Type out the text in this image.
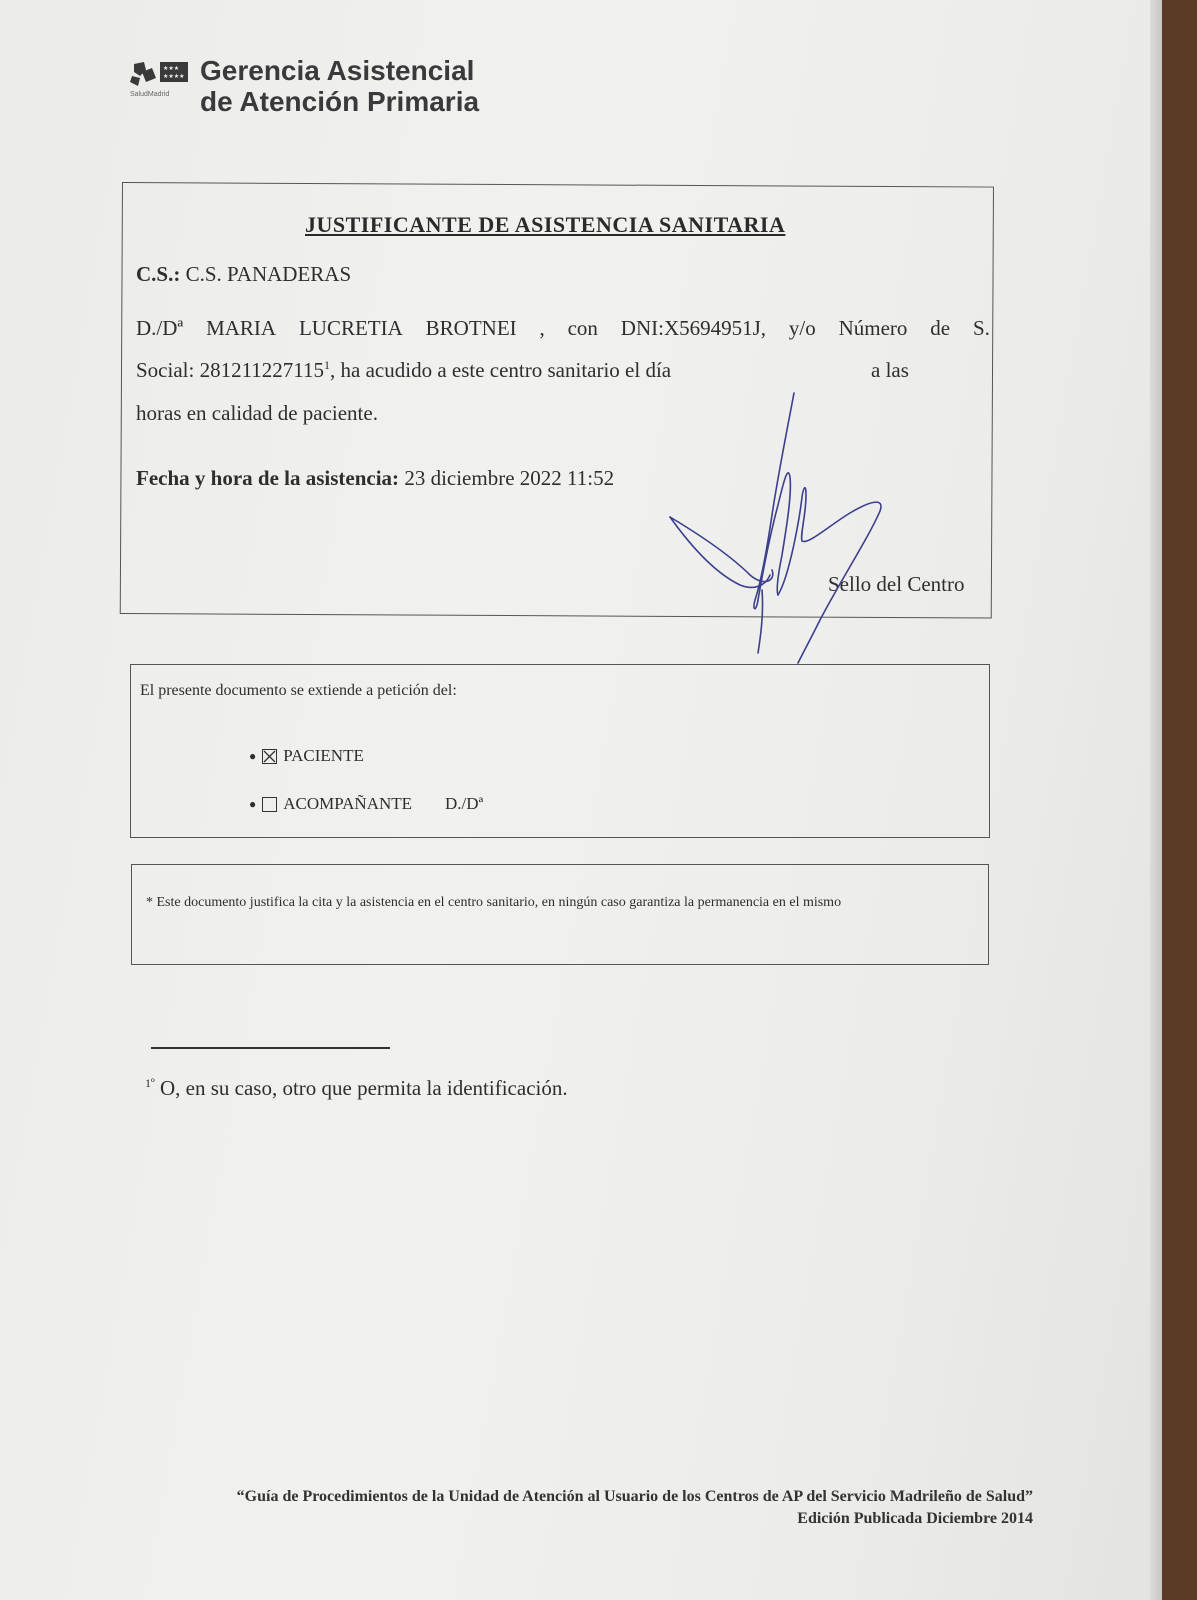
★★★
★★★★
SaludMadrid
Gerencia Asistencial
de Atención Primaria
JUSTIFICANTE DE ASISTENCIA SANITARIA
C.S.: C.S. PANADERAS
D./Dª MARIA LUCRETIA BROTNEI , con DNI:X5694951J, y/o Número de S.
Social: 281211227115$^1$, ha acudido a este centro sanitario el día	a las
horas en calidad de paciente.
Fecha y hora de la asistencia: 23 diciembre 2022 11:52
Sello del Centro
El presente documento se extiende a petición del:
● PACIENTE
● ACOMPAÑANTE D./Dª
* Este documento justifica la cita y la asistencia en el centro sanitario, en ningún caso garantiza la permanencia en el mismo
$^{1º}$ O, en su caso, otro que permita la identificación.
“Guía de Procedimientos de la Unidad de Atención al Usuario de los Centros de AP del Servicio Madrileño de Salud”
Edición Publicada Diciembre 2014
